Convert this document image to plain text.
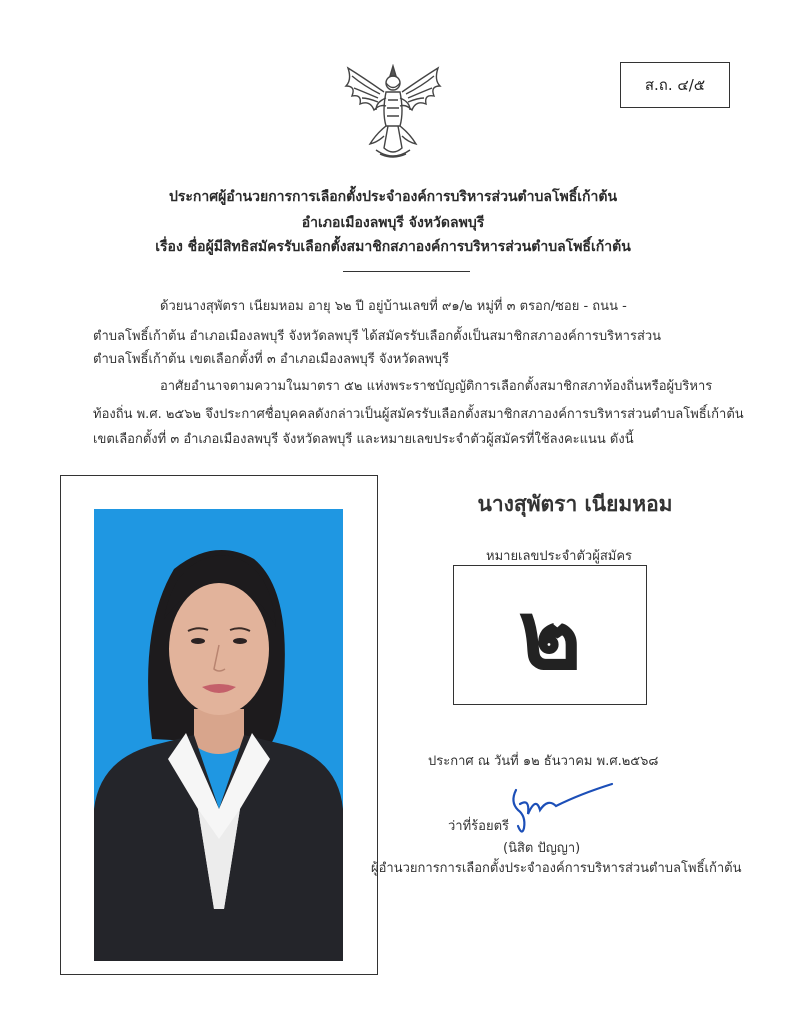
ส.ถ. ๔/๕
ประกาศผู้อำนวยการการเลือกตั้งประจำองค์การบริหารส่วนตำบลโพธิ์เก้าต้น
อำเภอเมืองลพบุรี จังหวัดลพบุรี
เรื่อง ชื่อผู้มีสิทธิสมัครรับเลือกตั้งสมาชิกสภาองค์การบริหารส่วนตำบลโพธิ์เก้าต้น
ด้วยนางสุพัตรา เนียมหอม อายุ ๖๒ ปี อยู่บ้านเลขที่ ๙๑/๒ หมู่ที่ ๓ ตรอก/ซอย - ถนน -
ตำบลโพธิ์เก้าต้น อำเภอเมืองลพบุรี จังหวัดลพบุรี ได้สมัครรับเลือกตั้งเป็นสมาชิกสภาองค์การบริหารส่วน
ตำบลโพธิ์เก้าต้น เขตเลือกตั้งที่ ๓ อำเภอเมืองลพบุรี จังหวัดลพบุรี
อาศัยอำนาจตามความในมาตรา ๕๒ แห่งพระราชบัญญัติการเลือกตั้งสมาชิกสภาท้องถิ่นหรือผู้บริหาร
ท้องถิ่น พ.ศ. ๒๕๖๒ จึงประกาศชื่อบุคคลดังกล่าวเป็นผู้สมัครรับเลือกตั้งสมาชิกสภาองค์การบริหารส่วนตำบลโพธิ์เก้าต้น
เขตเลือกตั้งที่ ๓ อำเภอเมืองลพบุรี จังหวัดลพบุรี และหมายเลขประจำตัวผู้สมัครที่ใช้ลงคะแนน ดังนี้
นางสุพัตรา เนียมหอม
หมายเลขประจำตัวผู้สมัคร
๒
ประกาศ ณ วันที่ ๑๒ ธันวาคม พ.ศ.๒๕๖๘
ว่าที่ร้อยตรี
(นิสิต ปัญญา)
ผู้อำนวยการการเลือกตั้งประจำองค์การบริหารส่วนตำบลโพธิ์เก้าต้น
